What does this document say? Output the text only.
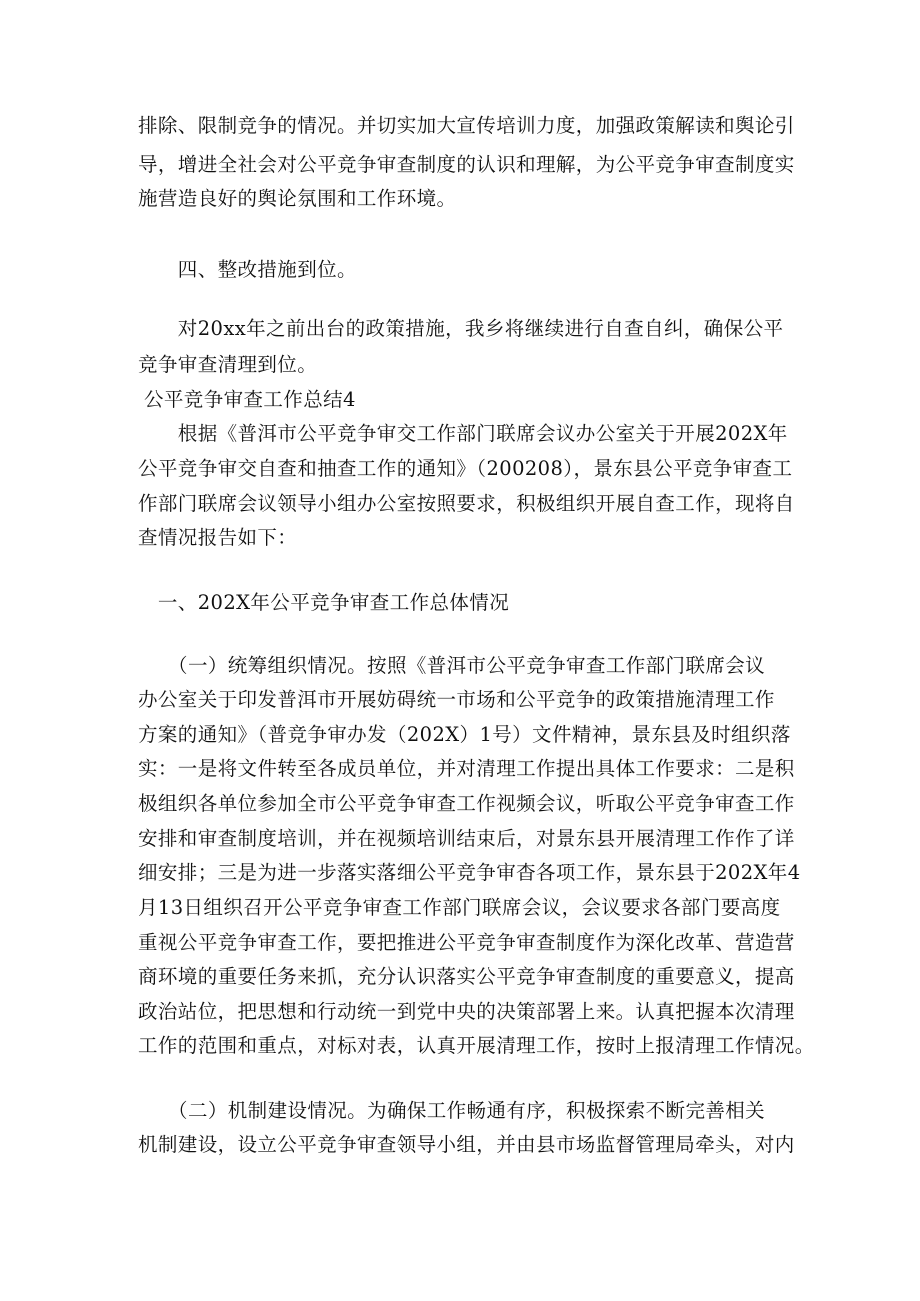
排除、限制竞争的情况。并切实加大宣传培训力度，加强政策解读和舆论引
导，增进全社会对公平竞争审查制度的认识和理解，为公平竞争审查制度实
施营造良好的舆论氛围和工作环境。
　　四、整改措施到位。
　　对20xx年之前出台的政策措施，我乡将继续进行自查自纠，确保公平
竞争审查清理到位。
公平竞争审查工作总结4
　　根据《普洱市公平竞争审交工作部门联席会议办公室关于开展202X年
公平竞争审交自查和抽查工作的通知》（200208），景东县公平竞争审查工
作部门联席会议领导小组办公室按照要求，积极组织开展自查工作，现将自
查情况报告如下：
　一、202X年公平竞争审查工作总体情况
　　（一）统筹组织情况。按照《普洱市公平竞争审查工作部门联席会议
办公室关于印发普洱市开展妨碍统一市场和公平竞争的政策措施清理工作
方案的通知》（普竞争审办发（202X）1号）文件精神，景东县及时组织落
实：一是将文件转至各成员单位，并对清理工作提出具体工作要求：二是积
极组织各单位参加全市公平竞争审查工作视频会议，听取公平竞争审查工作
安排和审查制度培训，并在视频培训结束后，对景东县开展清理工作作了详
细安排；三是为进一步落实落细公平竞争审杳各项工作，景东县于202X年4
月13日组织召开公平竞争审查工作部门联席会议，会议要求各部门要高度
重视公平竞争审查工作，要把推进公平竞争审查制度作为深化改革、营造营
商环境的重要任务来抓，充分认识落实公平竞争审查制度的重要意义，提高
政治站位，把思想和行动统一到党中央的决策部署上来。认真把握本次清理
工作的范围和重点，对标对表，认真开展清理工作，按时上报清理工作情况。
　　（二）机制建设情况。为确保工作畅通有序，积极探索不断完善相关
机制建设，设立公平竞争审查领导小组，并由县市场监督管理局牵头，对内
